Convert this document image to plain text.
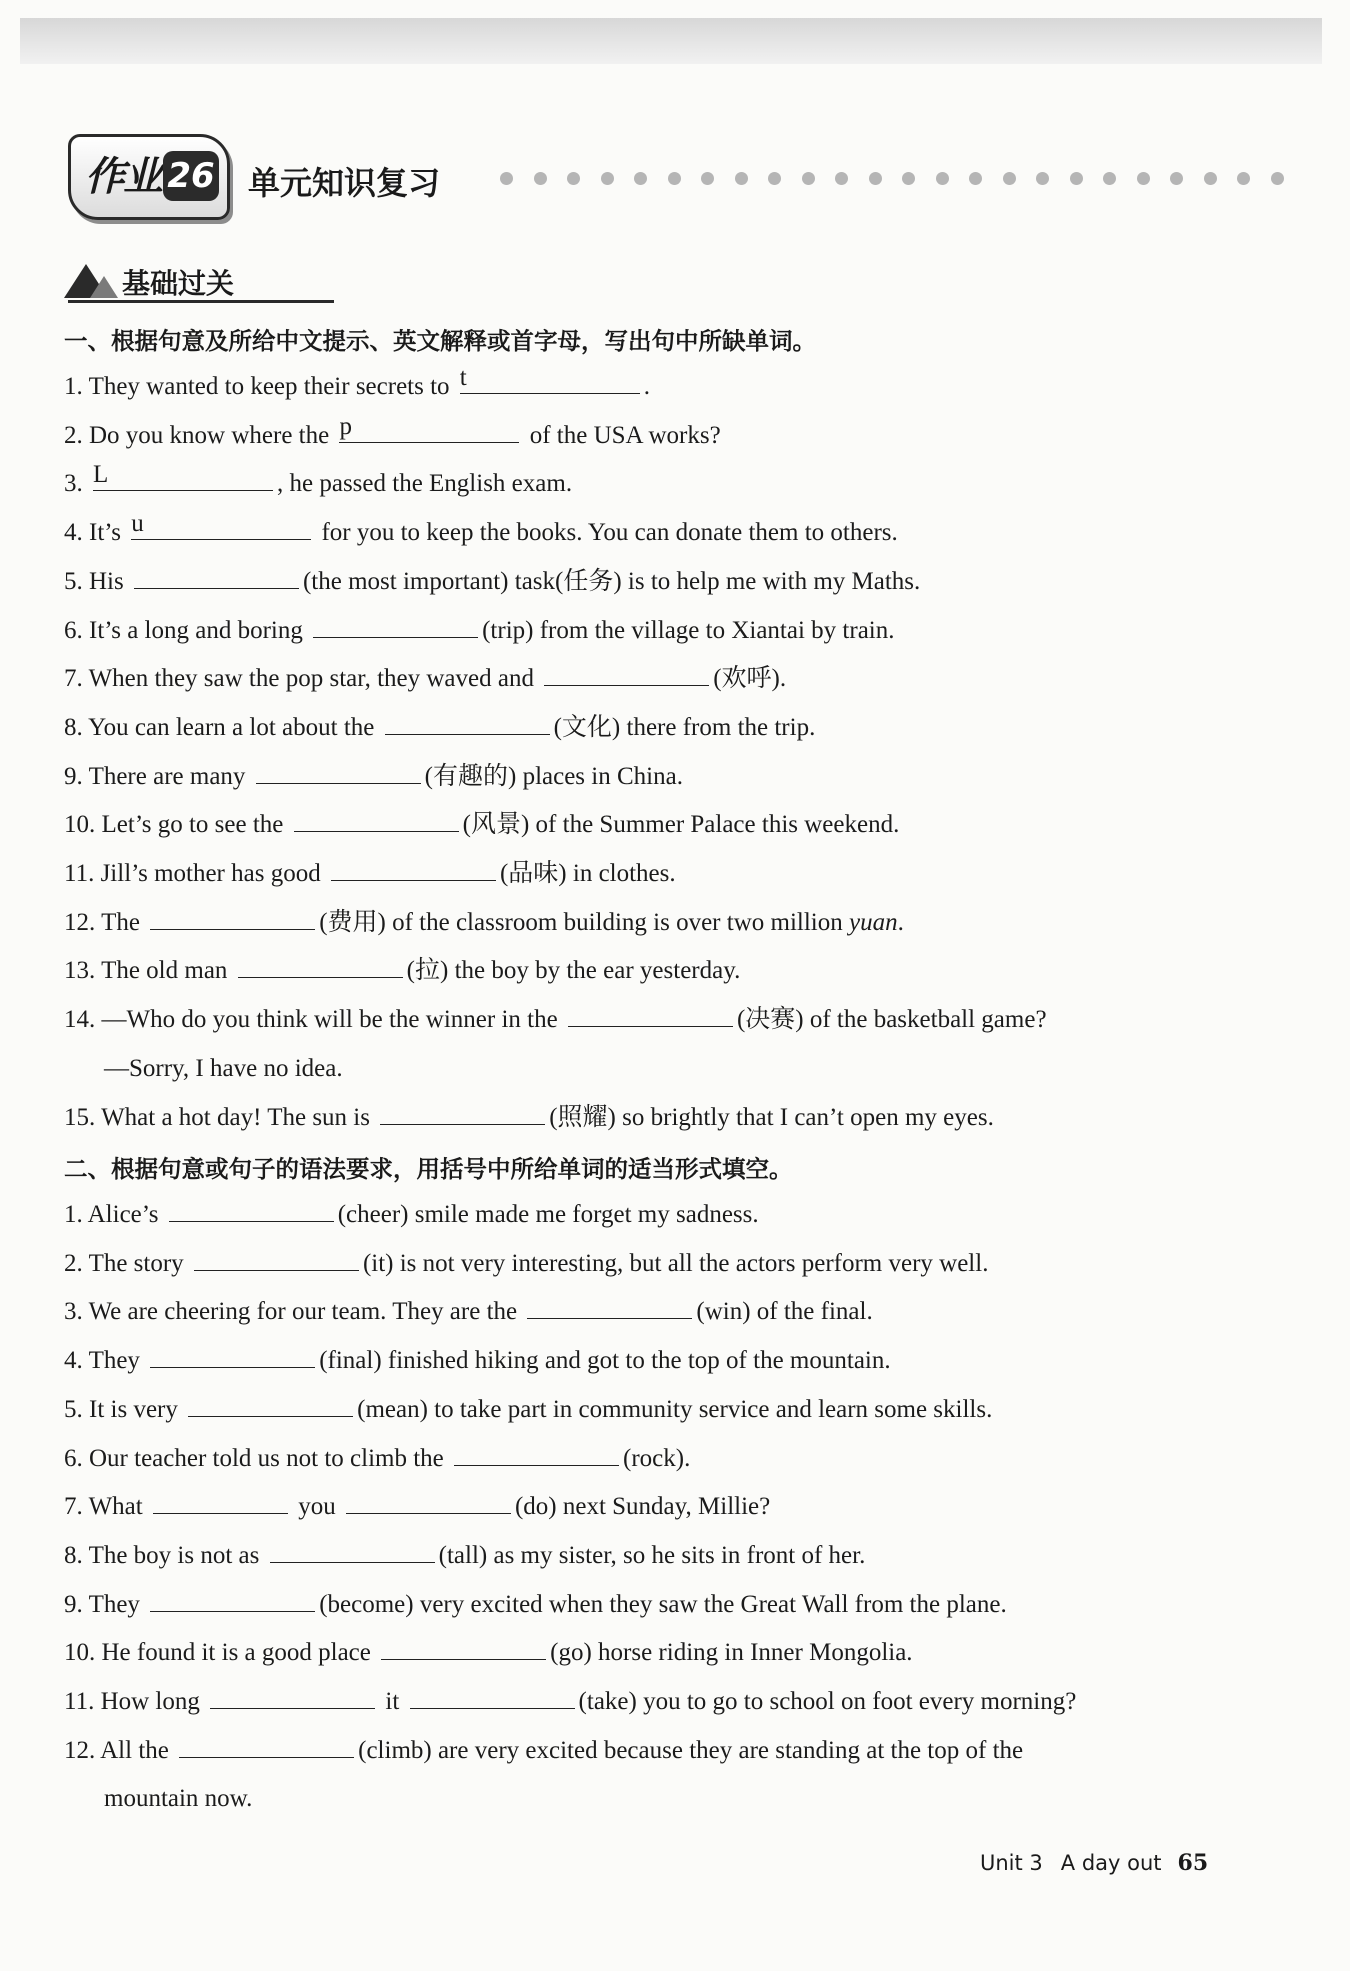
作业 26 单元知识复习
基础过关
一、根据句意及所给中文提示、英文解释或首字母，写出句中所缺单词。
1. They wanted to keep their secrets to t	.
2. Do you know where the p	of the USA works?
3. L	, he passed the English exam.
4. It’s u	for you to keep the books. You can donate them to others.
5. His	(the most important) task(任务) is to help me with my Maths.
6. It’s a long and boring	(trip) from the village to Xiantai by train.
7. When they saw the pop star, they waved and	(欢呼).
8. You can learn a lot about the	(文化) there from the trip.
9. There are many	(有趣的) places in China.
10. Let’s go to see the	(风景) of the Summer Palace this weekend.
11. Jill’s mother has good	(品味) in clothes.
12. The	(费用) of the classroom building is over two million yuan.
13. The old man	(拉) the boy by the ear yesterday.
14. —Who do you think will be the winner in the	(决赛) of the basketball game?
—Sorry, I have no idea.
15. What a hot day! The sun is	(照耀) so brightly that I can’t open my eyes.
二、根据句意或句子的语法要求，用括号中所给单词的适当形式填空。
1. Alice’s	(cheer) smile made me forget my sadness.
2. The story	(it) is not very interesting, but all the actors perform very well.
3. We are cheering for our team. They are the	(win) of the final.
4. They	(final) finished hiking and got to the top of the mountain.
5. It is very	(mean) to take part in community service and learn some skills.
6. Our teacher told us not to climb the	(rock).
7. What	you	(do) next Sunday, Millie?
8. The boy is not as	(tall) as my sister, so he sits in front of her.
9. They	(become) very excited when they saw the Great Wall from the plane.
10. He found it is a good place	(go) horse riding in Inner Mongolia.
11. How long	it	(take) you to go to school on foot every morning?
12. All the	(climb) are very excited because they are standing at the top of the
mountain now.
Unit 3 A day out 65
